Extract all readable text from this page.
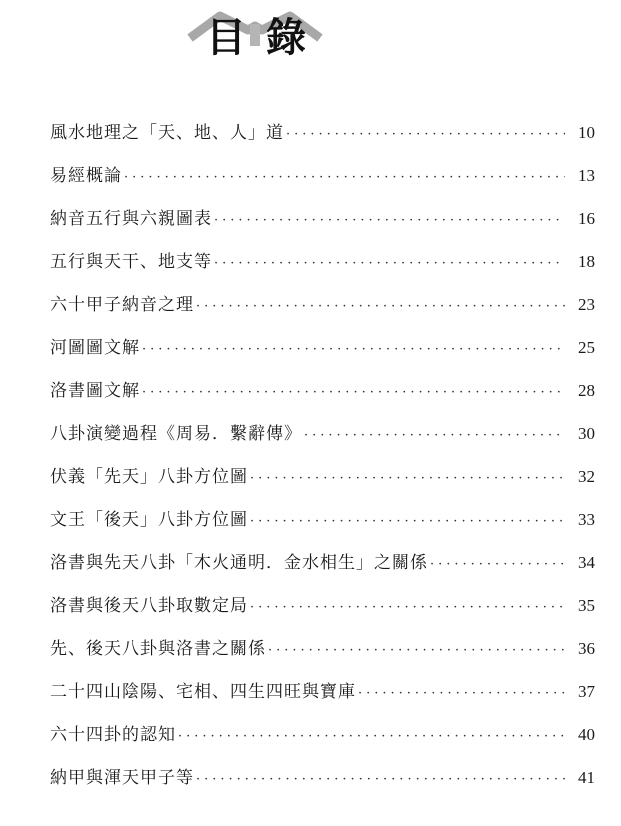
目錄
風水地理之「天、地、人」道 ·····	10
易經概論 ·····	13
納音五行與六親圖表 ·····	16
五行與天干、地支等 ·····	18
六十甲子納音之理 ·····	23
河圖圖文解 ·····	25
洛書圖文解 ·····	28
八卦演變過程《周易．繫辭傳》 ·····	30
伏義「先天」八卦方位圖 ·····	32
文王「後天」八卦方位圖 ·····	33
洛書與先天八卦「木火通明．金水相生」之關係 ·····	34
洛書與後天八卦取數定局 ·····	35
先、後天八卦與洛書之關係 ·····	36
二十四山陰陽、宅相、四生四旺與寶庫 ·····	37
六十四卦的認知 ·····	40
納甲與渾天甲子等 ·····	41
